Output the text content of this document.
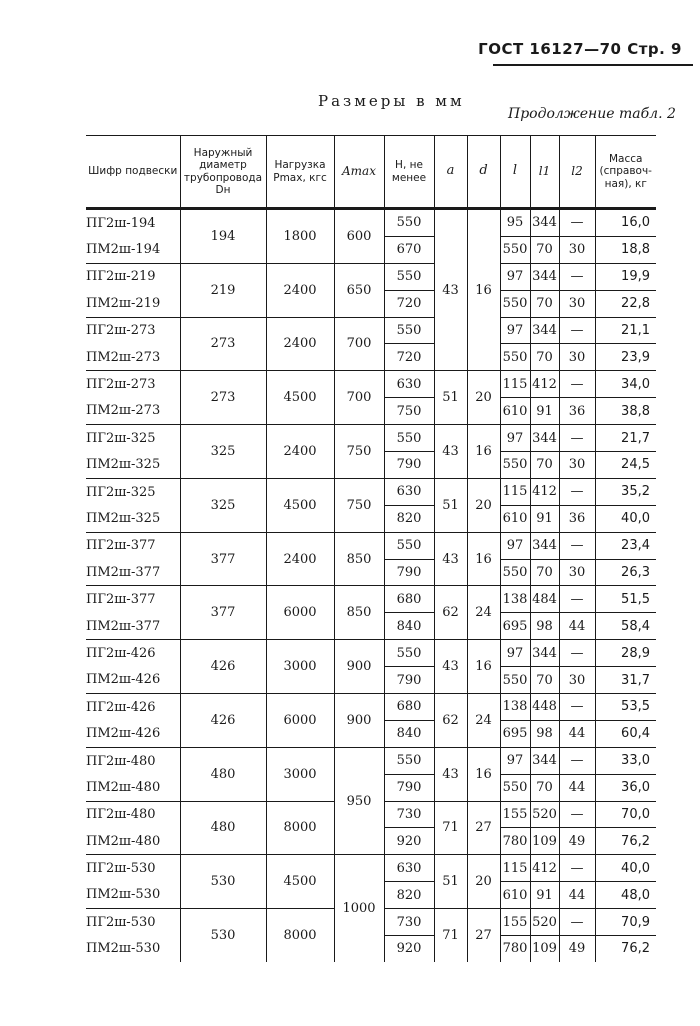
ГОСТ 16127—70 Стр. 9
Размеры в мм
Продолжение табл. 2
Шифр подвески	Наружный диаметр трубопровода Dн	Нагрузка Pmax, кгс	Amax	H, не менее	a	d	l	l1	l2	Масса (справочная), кг
ПГ2ш-194	194	1800	600	550	43	16	95	344	—	16,0
ПМ2ш-194				670			550	70	30	18,8
ПГ2ш-219	219	2400	650	550			97	344	—	19,9
ПМ2ш-219				720			550	70	30	22,8
ПГ2ш-273	273	2400	700	550			97	344	—	21,1
ПМ2ш-273				720			550	70	30	23,9
ПГ2ш-273	273	4500	700	630	51	20	115	412	—	34,0
ПМ2ш-273				750			610	91	36	38,8
ПГ2ш-325	325	2400	750	550	43	16	97	344	—	21,7
ПМ2ш-325				790			550	70	30	24,5
ПГ2ш-325	325	4500	750	630	51	20	115	412	—	35,2
ПМ2ш-325				820			610	91	36	40,0
ПГ2ш-377	377	2400	850	550	43	16	97	344	—	23,4
ПМ2ш-377				790			550	70	30	26,3
ПГ2ш-377	377	6000	850	680	62	24	138	484	—	51,5
ПМ2ш-377				840			695	98	44	58,4
ПГ2ш-426	426	3000	900	550	43	16	97	344	—	28,9
ПМ2ш-426				790			550	70	30	31,7
ПГ2ш-426	426	6000	900	680	62	24	138	448	—	53,5
ПМ2ш-426				840			695	98	44	60,4
ПГ2ш-480	480	3000	950	550	43	16	97	344	—	33,0
ПМ2ш-480				790			550	70	44	36,0
ПГ2ш-480	480	8000		730	71	27	155	520	—	70,0
ПМ2ш-480				920			780	109	49	76,2
ПГ2ш-530	530	4500	1000	630	51	20	115	412	—	40,0
ПМ2ш-530				820			610	91	44	48,0
ПГ2ш-530	530	8000		730	71	27	155	520	—	70,9
ПМ2ш-530				920			780	109	49	76,2
